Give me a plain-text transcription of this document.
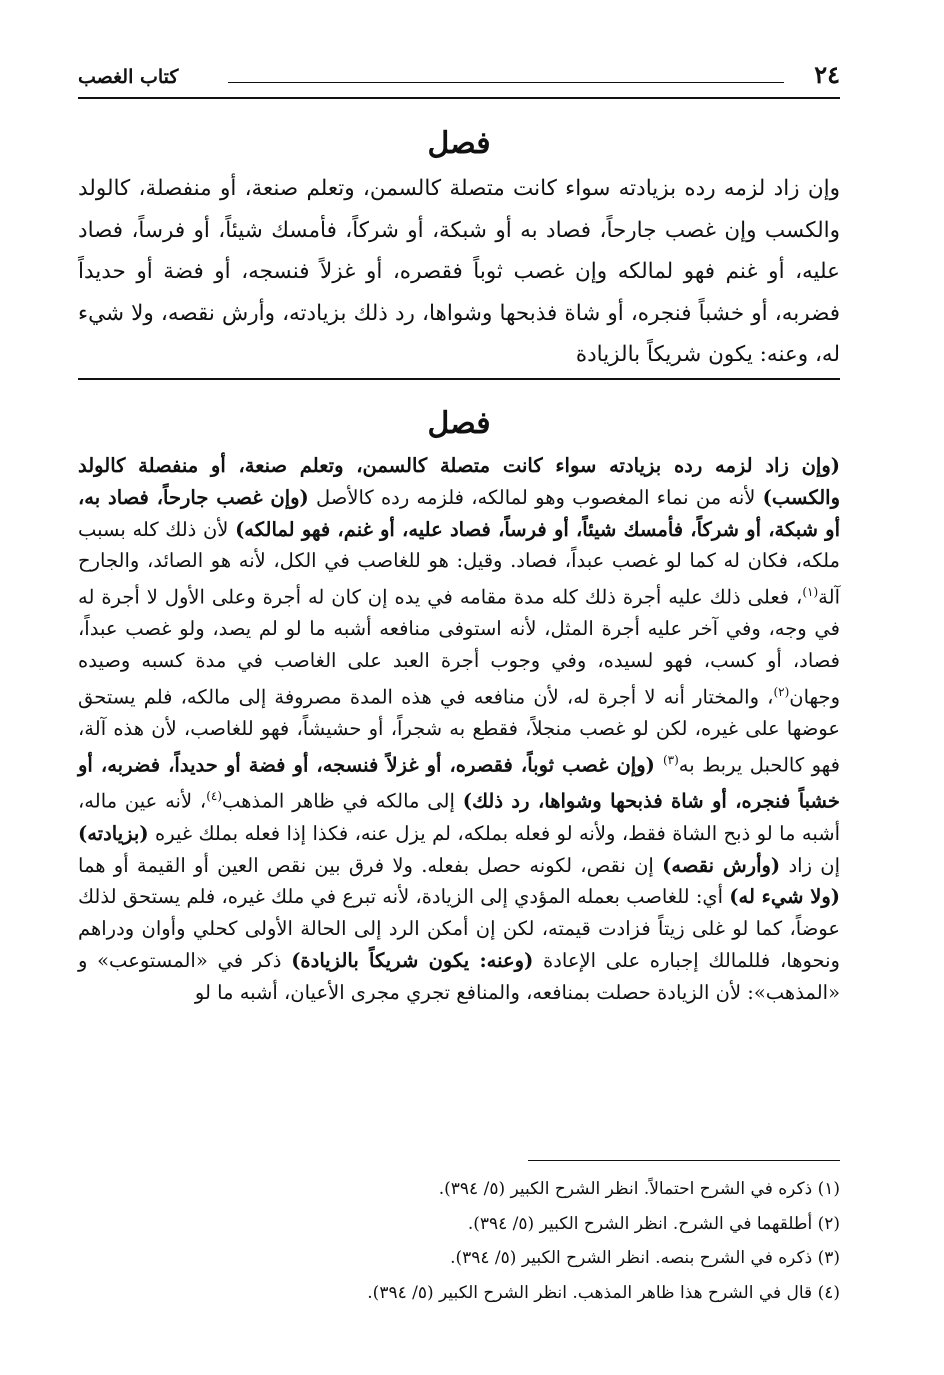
٢٤
كتاب الغصب
فصل
وإن زاد لزمه رده بزيادته سواء كانت متصلة كالسمن، وتعلم صنعة، أو منفصلة، كالولد والكسب وإن غصب جارحاً، فصاد به أو شبكة، أو شركاً، فأمسك شيئاً، أو فرساً، فصاد عليه، أو غنم فهو لمالكه وإن غصب ثوباً فقصره، أو غزلاً فنسجه، أو فضة أو حديداً فضربه، أو خشباً فنجره، أو شاة فذبحها وشواها، رد ذلك بزيادته، وأرش نقصه، ولا شيء له، وعنه: يكون شريكاً بالزيادة
فصل
(وإن زاد لزمه رده بزيادته سواء كانت متصلة كالسمن، وتعلم صنعة، أو منفصلة كالولد والكسب) لأنه من نماء المغصوب وهو لمالكه، فلزمه رده كالأصل (وإن غصب جارحاً، فصاد به، أو شبكة، أو شركاً، فأمسك شيئاً، أو فرساً، فصاد عليه، أو غنم، فهو لمالكه) لأن ذلك كله بسبب ملكه، فكان له كما لو غصب عبداً، فصاد. وقيل: هو للغاصب في الكل، لأنه هو الصائد، والجارح آلة$^{(١)}$، فعلى ذلك عليه أجرة ذلك كله مدة مقامه في يده إن كان له أجرة وعلى الأول لا أجرة له في وجه، وفي آخر عليه أجرة المثل، لأنه استوفى منافعه أشبه ما لو لم يصد، ولو غصب عبداً، فصاد، أو كسب، فهو لسيده، وفي وجوب أجرة العبد على الغاصب في مدة كسبه وصيده وجهان$^{(٢)}$، والمختار أنه لا أجرة له، لأن منافعه في هذه المدة مصروفة إلى مالكه، فلم يستحق عوضها على غيره، لكن لو غصب منجلاً، فقطع به شجراً، أو حشيشاً، فهو للغاصب، لأن هذه آلة، فهو كالحبل يربط به$^{(٣)}$ (وإن غصب ثوباً، فقصره، أو غزلاً فنسجه، أو فضة أو حديداً، فضربه، أو خشباً فنجره، أو شاة فذبحها وشواها، رد ذلك) إلى مالكه في ظاهر المذهب$^{(٤)}$، لأنه عين ماله، أشبه ما لو ذبح الشاة فقط، ولأنه لو فعله بملكه، لم يزل عنه، فكذا إذا فعله بملك غيره (بزيادته) إن زاد (وأرش نقصه) إن نقص، لكونه حصل بفعله. ولا فرق بين نقص العين أو القيمة أو هما (ولا شيء له) أي: للغاصب بعمله المؤدي إلى الزيادة، لأنه تبرع في ملك غيره، فلم يستحق لذلك عوضاً، كما لو غلى زيتاً فزادت قيمته، لكن إن أمكن الرد إلى الحالة الأولى كحلي وأوان ودراهم ونحوها، فللمالك إجباره على الإعادة (وعنه: يكون شريكاً بالزيادة) ذكر في «المستوعب» و «المذهب»: لأن الزيادة حصلت بمنافعه، والمنافع تجري مجرى الأعيان، أشبه ما لو
(١) ذكره في الشرح احتمالاً. انظر الشرح الكبير (٥/ ٣٩٤).
(٢) أطلقهما في الشرح. انظر الشرح الكبير (٥/ ٣٩٤).
(٣) ذكره في الشرح بنصه. انظر الشرح الكبير (٥/ ٣٩٤).
(٤) قال في الشرح هذا ظاهر المذهب. انظر الشرح الكبير (٥/ ٣٩٤).
